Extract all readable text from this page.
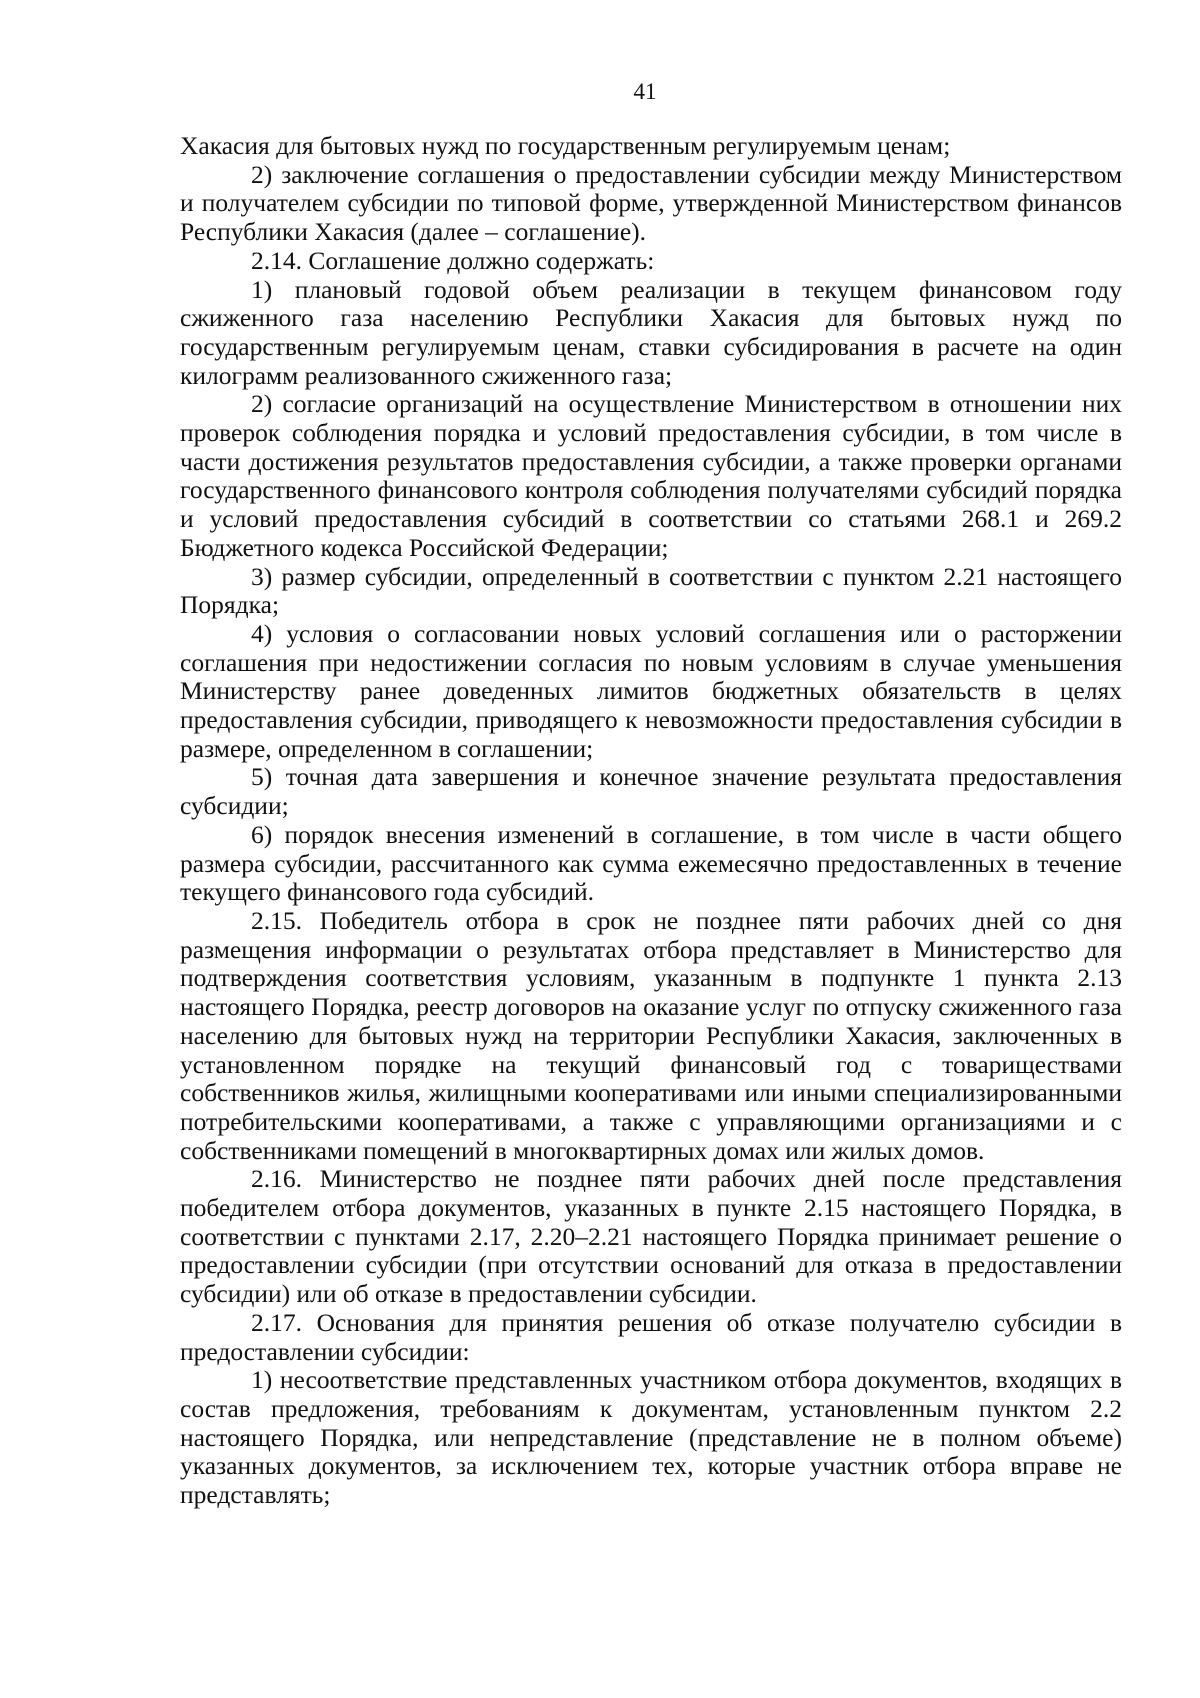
41

Хакасия для бытовых нужд по государственным регулируемым ценам;

2) заключение соглашения о предоставлении субсидии между Министерством и получателем субсидии по типовой форме, утвержденной Министерством финансов Республики Хакасия (далее – соглашение).

2.14. Соглашение должно содержать:

1) плановый годовой объем реализации в текущем финансовом году сжиженного газа населению Республики Хакасия для бытовых нужд по государственным регулируемым ценам, ставки субсидирования в расчете на один килограмм реализованного сжиженного газа;

2) согласие организаций на осуществление Министерством в отношении них проверок соблюдения порядка и условий предоставления субсидии, в том числе в части достижения результатов предоставления субсидии, а также проверки органами государственного финансового контроля соблюдения получателями субсидий порядка и условий предоставления субсидий в соответствии со статьями 268.1 и 269.2 Бюджетного кодекса Российской Федерации;

3) размер субсидии, определенный в соответствии с пунктом 2.21 настоящего Порядка;

4) условия о согласовании новых условий соглашения или о расторжении соглашения при недостижении согласия по новым условиям в случае уменьшения Министерству ранее доведенных лимитов бюджетных обязательств в целях предоставления субсидии, приводящего к невозможности предоставления субсидии в размере, определенном в соглашении;

5) точная дата завершения и конечное значение результата предоставления субсидии;

6) порядок внесения изменений в соглашение, в том числе в части общего размера субсидии, рассчитанного как сумма ежемесячно предоставленных в течение текущего финансового года субсидий.

2.15. Победитель отбора в срок не позднее пяти рабочих дней со дня размещения информации о результатах отбора представляет в Министерство для подтверждения соответствия условиям, указанным в подпункте 1 пункта 2.13 настоящего Порядка, реестр договоров на оказание услуг по отпуску сжиженного газа населению для бытовых нужд на территории Республики Хакасия, заключенных в установленном порядке на текущий финансовый год с товариществами собственников жилья, жилищными кооперативами или иными специализированными потребительскими кооперативами, а также с управляющими организациями и с собственниками помещений в многоквартирных домах или жилых домов.

2.16. Министерство не позднее пяти рабочих дней после представления победителем отбора документов, указанных в пункте 2.15 настоящего Порядка, в соответствии с пунктами 2.17, 2.20–2.21 настоящего Порядка принимает решение о предоставлении субсидии (при отсутствии оснований для отказа в предоставлении субсидии) или об отказе в предоставлении субсидии.

2.17. Основания для принятия решения об отказе получателю субсидии в предоставлении субсидии:

1) несоответствие представленных участником отбора документов, входящих в состав предложения, требованиям к документам, установленным пунктом 2.2 настоящего Порядка, или непредставление (представление не в полном объеме) указанных документов, за исключением тех, которые участник отбора вправе не представлять;
